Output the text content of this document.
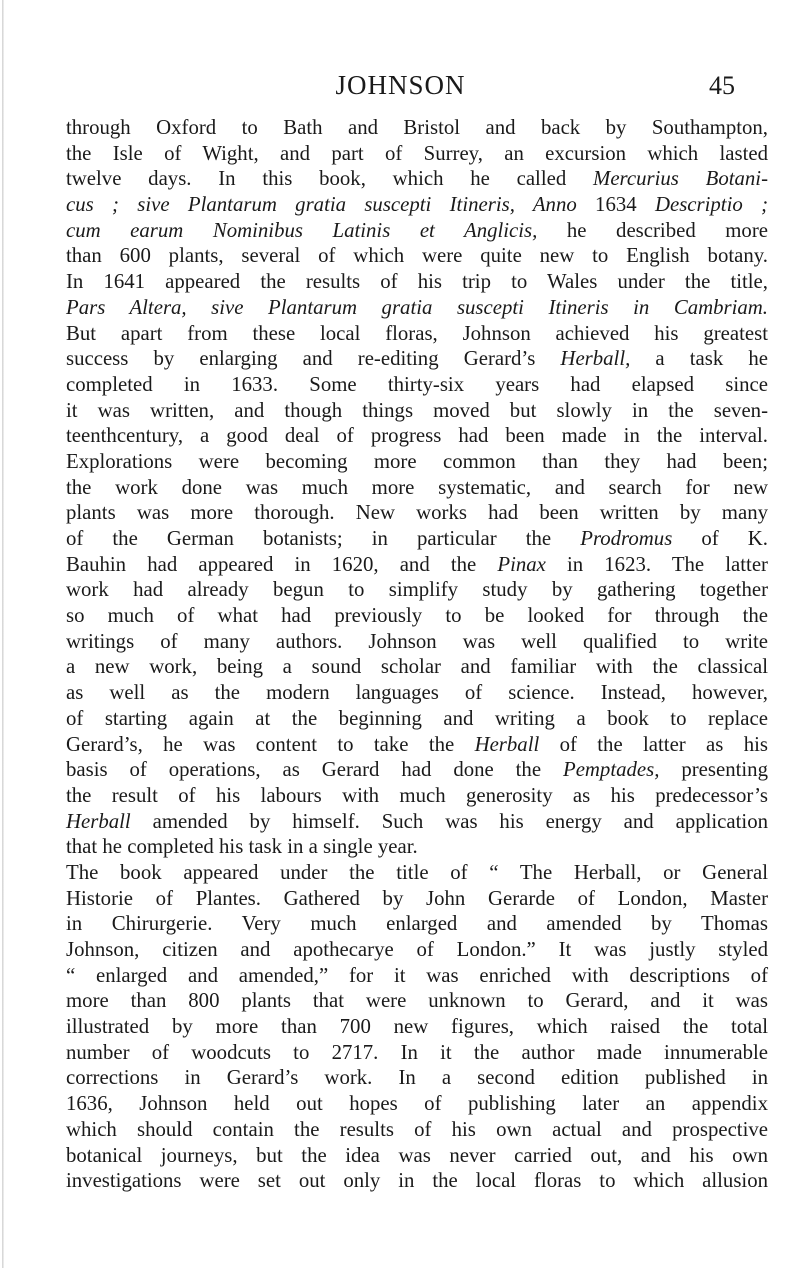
JOHNSON	45
through Oxford to Bath and Bristol and back by Southampton,
the Isle of Wight, and part of Surrey, an excursion which lasted
twelve days. In this book, which he called Mercurius Botani-
cus ; sive Plantarum gratia suscepti Itineris, Anno 1634 Descriptio ;
cum earum Nominibus Latinis et Anglicis, he described more
than 600 plants, several of which were quite new to English botany.
In 1641 appeared the results of his trip to Wales under the title,
Pars Altera, sive Plantarum gratia suscepti Itineris in Cambriam.
But apart from these local floras, Johnson achieved his greatest
success by enlarging and re-editing Gerard’s Herball, a task he
completed in 1633. Some thirty-six years had elapsed since
it was written, and though things moved but slowly in the seven-
teenthcentury, a good deal of progress had been made in the interval.
Explorations were becoming more common than they had been;
the work done was much more systematic, and search for new
plants was more thorough. New works had been written by many
of the German botanists; in particular the Prodromus of K.
Bauhin had appeared in 1620, and the Pinax in 1623. The latter
work had already begun to simplify study by gathering together
so much of what had previously to be looked for through the
writings of many authors. Johnson was well qualified to write
a new work, being a sound scholar and familiar with the classical
as well as the modern languages of science. Instead, however,
of starting again at the beginning and writing a book to replace
Gerard’s, he was content to take the Herball of the latter as his
basis of operations, as Gerard had done the Pemptades, presenting
the result of his labours with much generosity as his predecessor’s
Herball amended by himself. Such was his energy and application
that he completed his task in a single year.
The book appeared under the title of “ The Herball, or General
Historie of Plantes. Gathered by John Gerarde of London, Master
in Chirurgerie. Very much enlarged and amended by Thomas
Johnson, citizen and apothecarye of London.” It was justly styled
“ enlarged and amended,” for it was enriched with descriptions of
more than 800 plants that were unknown to Gerard, and it was
illustrated by more than 700 new figures, which raised the total
number of woodcuts to 2717. In it the author made innumerable
corrections in Gerard’s work. In a second edition published in
1636, Johnson held out hopes of publishing later an appendix
which should contain the results of his own actual and prospective
botanical journeys, but the idea was never carried out, and his own
investigations were set out only in the local floras to which allusion
